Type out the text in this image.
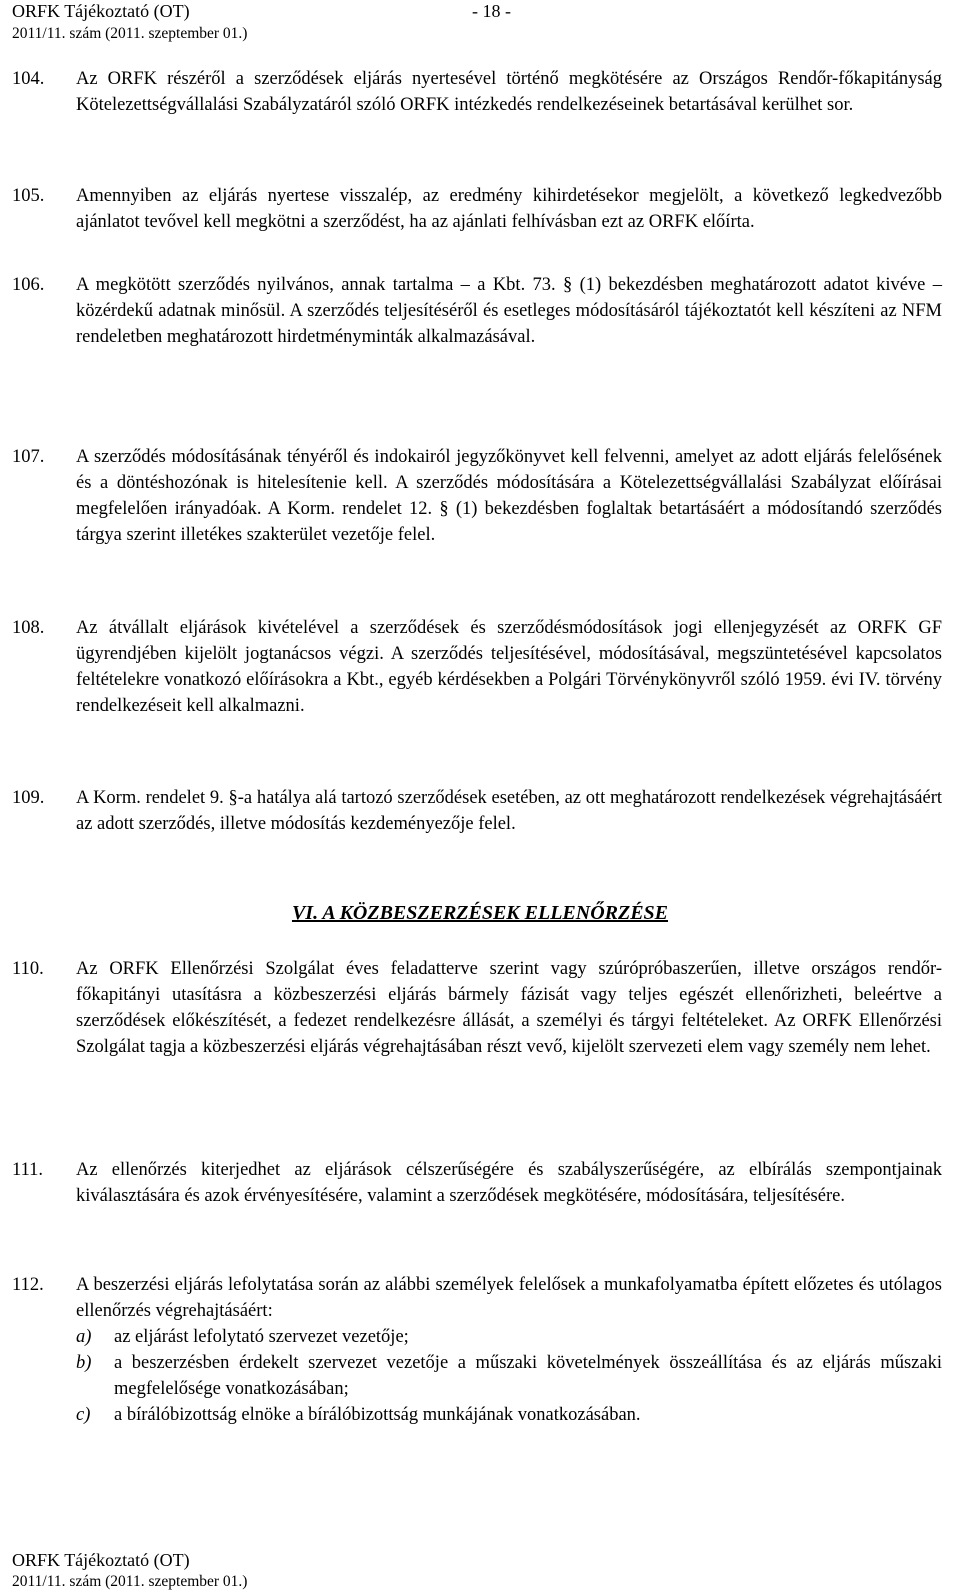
ORFK Tájékoztató (OT)	- 18 -
2011/11. szám (2011. szeptember 01.)
104. Az ORFK részéről a szerződések eljárás nyertesével történő megkötésére az Országos Rendőr-főkapitányság Kötelezettségvállalási Szabályzatáról szóló ORFK intézkedés rendelkezéseinek betartásával kerülhet sor.
105. Amennyiben az eljárás nyertese visszalép, az eredmény kihirdetésekor megjelölt, a következő legkedvezőbb ajánlatot tevővel kell megkötni a szerződést, ha az ajánlati felhívásban ezt az ORFK előírta.
106. A megkötött szerződés nyilvános, annak tartalma – a Kbt. 73. § (1) bekezdésben meghatározott adatot kivéve – közérdekű adatnak minősül. A szerződés teljesítéséről és esetleges módosításáról tájékoztatót kell készíteni az NFM rendeletben meghatározott hirdetményminták alkalmazásával.
107. A szerződés módosításának tényéről és indokairól jegyzőkönyvet kell felvenni, amelyet az adott eljárás felelősének és a döntéshozónak is hitelesítenie kell. A szerződés módosítására a Kötelezettségvállalási Szabályzat előírásai megfelelően irányadóak. A Korm. rendelet 12. § (1) bekezdésben foglaltak betartásáért a módosítandó szerződés tárgya szerint illetékes szakterület vezetője felel.
108. Az átvállalt eljárások kivételével a szerződések és szerződésmódosítások jogi ellenjegyzését az ORFK GF ügyrendjében kijelölt jogtanácsos végzi. A szerződés teljesítésével, módosításával, megszüntetésével kapcsolatos feltételekre vonatkozó előírásokra a Kbt., egyéb kérdésekben a Polgári Törvénykönyvről szóló 1959. évi IV. törvény rendelkezéseit kell alkalmazni.
109. A Korm. rendelet 9. §-a hatálya alá tartozó szerződések esetében, az ott meghatározott rendelkezések végrehajtásáért az adott szerződés, illetve módosítás kezdeményezője felel.
VI. A KÖZBESZERZÉSEK ELLENŐRZÉSE
110. Az ORFK Ellenőrzési Szolgálat éves feladatterve szerint vagy szúrópróbaszerűen, illetve országos rendőr-főkapitányi utasításra a közbeszerzési eljárás bármely fázisát vagy teljes egészét ellenőrizheti, beleértve a szerződések előkészítését, a fedezet rendelkezésre állását, a személyi és tárgyi feltételeket. Az ORFK Ellenőrzési Szolgálat tagja a közbeszerzési eljárás végrehajtásában részt vevő, kijelölt szervezeti elem vagy személy nem lehet.
111. Az ellenőrzés kiterjedhet az eljárások célszerűségére és szabályszerűségére, az elbírálás szempontjainak kiválasztására és azok érvényesítésére, valamint a szerződések megkötésére, módosítására, teljesítésére.
112. A beszerzési eljárás lefolytatása során az alábbi személyek felelősek a munkafolyamatba épített előzetes és utólagos ellenőrzés végrehajtásáért:
a) az eljárást lefolytató szervezet vezetője;
b) a beszerzésben érdekelt szervezet vezetője a műszaki követelmények összeállítása és az eljárás műszaki megfelelősége vonatkozásában;
c) a bírálóbizottság elnöke a bírálóbizottság munkájának vonatkozásában.
ORFK Tájékoztató (OT)
2011/11. szám (2011. szeptember 01.)
